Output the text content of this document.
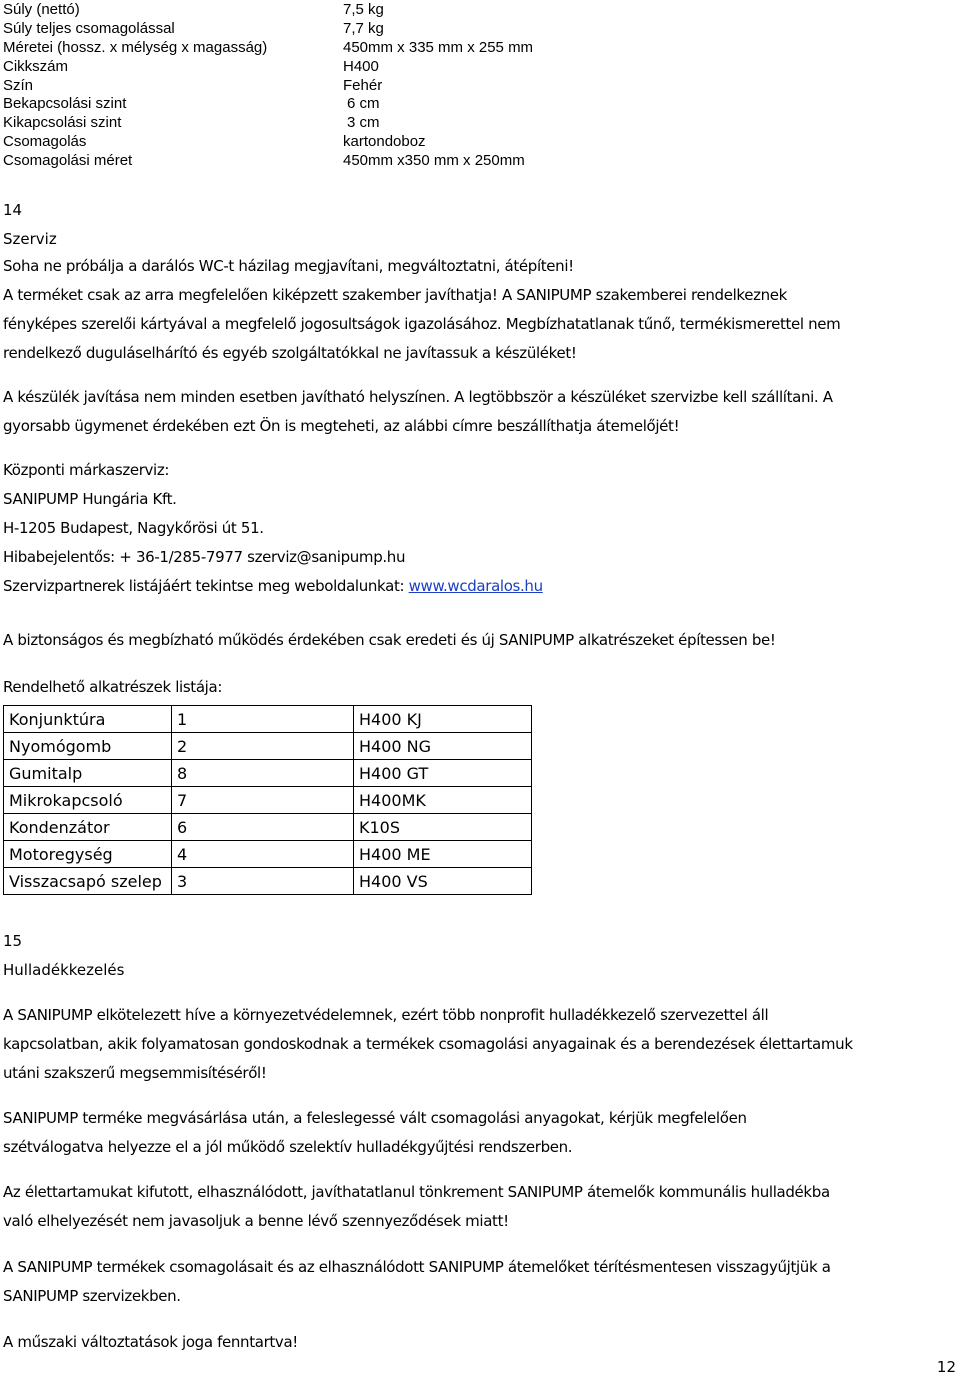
Súly (nettó)	7,5 kg
Súly teljes csomagolással	7,7 kg
Méretei (hossz. x mélység x magasság)	450mm x 335 mm x 255 mm
Cikkszám	H400
Szín	Fehér
Bekapcsolási szint	6 cm
Kikapcsolási szint	3 cm
Csomagolás	kartondoboz
Csomagolási méret	450mm x350 mm x 250mm
14
Szerviz

Soha ne próbálja a darálós WC-t házilag megjavítani, megváltoztatni, átépíteni!

A terméket csak az arra megfelelően kiképzett szakember javíthatja! A SANIPUMP szakemberei rendelkeznek

fényképes szerelői kártyával a megfelelő jogosultságok igazolásához. Megbízhatatlanak tűnő, termékismerettel nem

rendelkező duguláselhárító és egyéb szolgáltatókkal ne javítassuk a készüléket!

A készülék javítása nem minden esetben javítható helyszínen. A legtöbbször a készüléket szervizbe kell szállítani. A

gyorsabb ügymenet érdekében ezt Ön is megteheti, az alábbi címre beszállíthatja átemelőjét!

Központi márkaszerviz:

SANIPUMP Hungária Kft.

H-1205 Budapest, Nagykőrösi út 51.

Hibabejelentős: + 36-1/285-7977 szerviz@sanipump.hu

Szervizpartnerek listájáért tekintse meg weboldalunkat: www.wcdaralos.hu

A biztonságos és megbízható működés érdekében csak eredeti és új SANIPUMP alkatrészeket építessen be!

Rendelhető alkatrészek listája:

Konjunktúra	1	H400 KJ
Nyomógomb	2	H400 NG
Gumitalp	8	H400 GT
Mikrokapcsoló	7	H400MK
Kondenzátor	6	K10S
Motoregység	4	H400 ME
Visszacsapó szelep	3	H400 VS
15
Hulladékkezelés

A SANIPUMP elkötelezett híve a környezetvédelemnek, ezért több nonprofit hulladékkezelő szervezettel áll

kapcsolatban, akik folyamatosan gondoskodnak a termékek csomagolási anyagainak és a berendezések élettartamuk

utáni szakszerű megsemmisítéséről!

SANIPUMP terméke megvásárlása után, a feleslegessé vált csomagolási anyagokat, kérjük megfelelően

szétválogatva helyezze el a jól működő szelektív hulladékgyűjtési rendszerben.

Az élettartamukat kifutott, elhasználódott, javíthatatlanul tönkrement SANIPUMP átemelők kommunális hulladékba

való elhelyezését nem javasoljuk a benne lévő szennyeződések miatt!

A SANIPUMP termékek csomagolásait és az elhasználódott SANIPUMP átemelőket térítésmentesen visszagyűjtjük a

SANIPUMP szervizekben.

A műszaki változtatások joga fenntartva!

12
